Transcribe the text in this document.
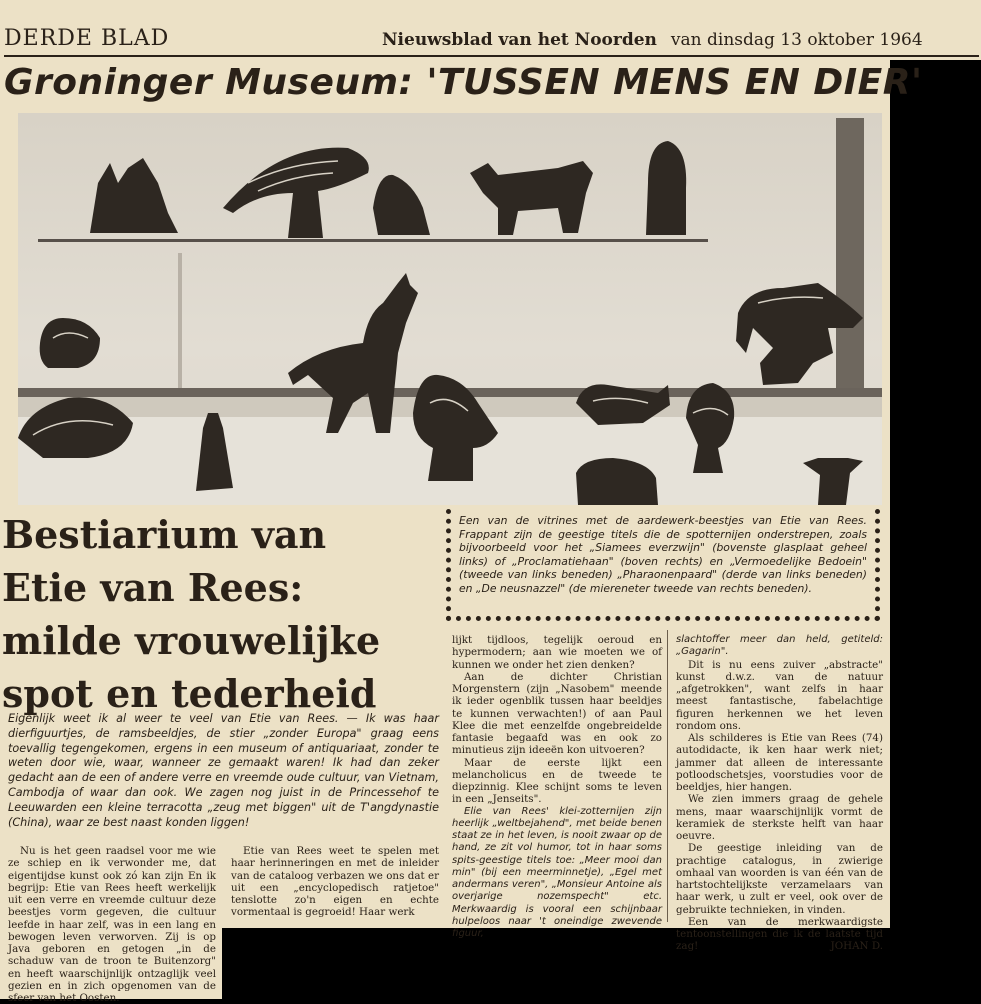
DERDE BLAD	Nieuwsblad van het Noorden van dinsdag 13 oktober 1964
Groninger Museum: 'TUSSEN MENS EN DIER'
Bestiarium van
Etie van Rees:
milde vrouwelijke
spot en tederheid
Een van de vitrines met de aardewerk-beestjes van Etie van Rees. Frappant zijn de geestige titels die de spotternijen onderstrepen, zoals bijvoorbeeld voor het „Siamees everzwijn" (bovenste glasplaat geheel links) of „Proclamatiehaan" (boven rechts) en „Vermoedelijke Bedoein" (tweede van links beneden) „Pharaonenpaard" (derde van links beneden) en „De neusnazzel" (de miereneter tweede van rechts beneden).
Eigenlijk weet ik al weer te veel van Etie van Rees. — Ik was haar dierfiguurtjes, de ramsbeeldjes, de stier „zonder Europa" graag eens toevallig tegengekomen, ergens in een museum of antiquariaat, zonder te weten door wie, waar, wanneer ze gemaakt waren! Ik had dan zeker gedacht aan de een of andere verre en vreemde oude cultuur, van Vietnam, Cambodja of waar dan ook. We zagen nog juist in de Princessehof te Leeuwarden een kleine terracotta „zeug met biggen" uit de T'angdynastie (China), waar ze best naast konden liggen!

Nu is het geen raadsel voor me wie ze schiep en ik verwonder me, dat eigentijdse kunst ook zó kan zijn En ik begrijp: Etie van Rees heeft werkelijk uit een verre en vreemde cultuur deze beestjes vorm gegeven, die cultuur leefde in haar zelf, was in een lang en bewogen leven verworven. Zij is op Java geboren en getogen „in de schaduw van de troon te Buitenzorg" en heeft waarschijnlijk ontzaglijk veel gezien en in zich opgenomen van de sfeer van het Oosten.

Etie van Rees weet te spelen met haar herinneringen en met de inleider van de cataloog verbazen we ons dat er uit een „encyclopedisch ratjetoe" tenslotte zo'n eigen en echte vormentaal is gegroeid! Haar werk

lijkt tijdloos, tegelijk oeroud en hypermodern; aan wie moeten we of kunnen we onder het zien denken?

Aan de dichter Christian Morgenstern (zijn „Nasobem" meende ik ieder ogenblik tussen haar beeldjes te kunnen verwachten!) of aan Paul Klee die met eenzelfde ongebreidelde fantasie begaafd was en ook zo minutieus zijn ideeën kon uitvoeren?

Maar de eerste lijkt een melancholicus en de tweede te diepzinnig. Klee schijnt soms te leven in een „Jenseits".

Elie van Rees' klei-zotternijen zijn heerlijk „weltbejahend", met beide benen staat ze in het leven, is nooit zwaar op de hand, ze zit vol humor, tot in haar soms spits-geestige titels toe: „Meer mooi dan min" (bij een meerminnetje), „Egel met andermans veren", „Monsieur Antoine als overjarige nozemspecht" etc. Merkwaardig is vooral een schijnbaar hulpeloos naar 't oneindige zwevende figuur,

slachtoffer meer dan held, getiteld: „Gagarin".

Dit is nu eens zuiver „abstracte" kunst d.w.z. van de natuur „afgetrokken", want zelfs in haar meest fantastische, fabelachtige figuren herkennen we het leven rondom ons.

Als schilderes is Etie van Rees (74) autodidacte, ik ken haar werk niet; jammer dat alleen de interessante potloodschetsjes, voorstudies voor de beeldjes, hier hangen.

We zien immers graag de gehele mens, maar waarschijnlijk vormt de keramiek de sterkste helft van haar oeuvre.

De geestige inleiding van de prachtige catalogus, in zwierige omhaal van woorden is van één van de hartstochtelijkste verzamelaars van haar werk, u zult er veel, ook over de gebruikte technieken, in vinden.

Een van de merkwaardigste tentoonstellingen die ik de laatste tijd zag!	JOHAN D.
